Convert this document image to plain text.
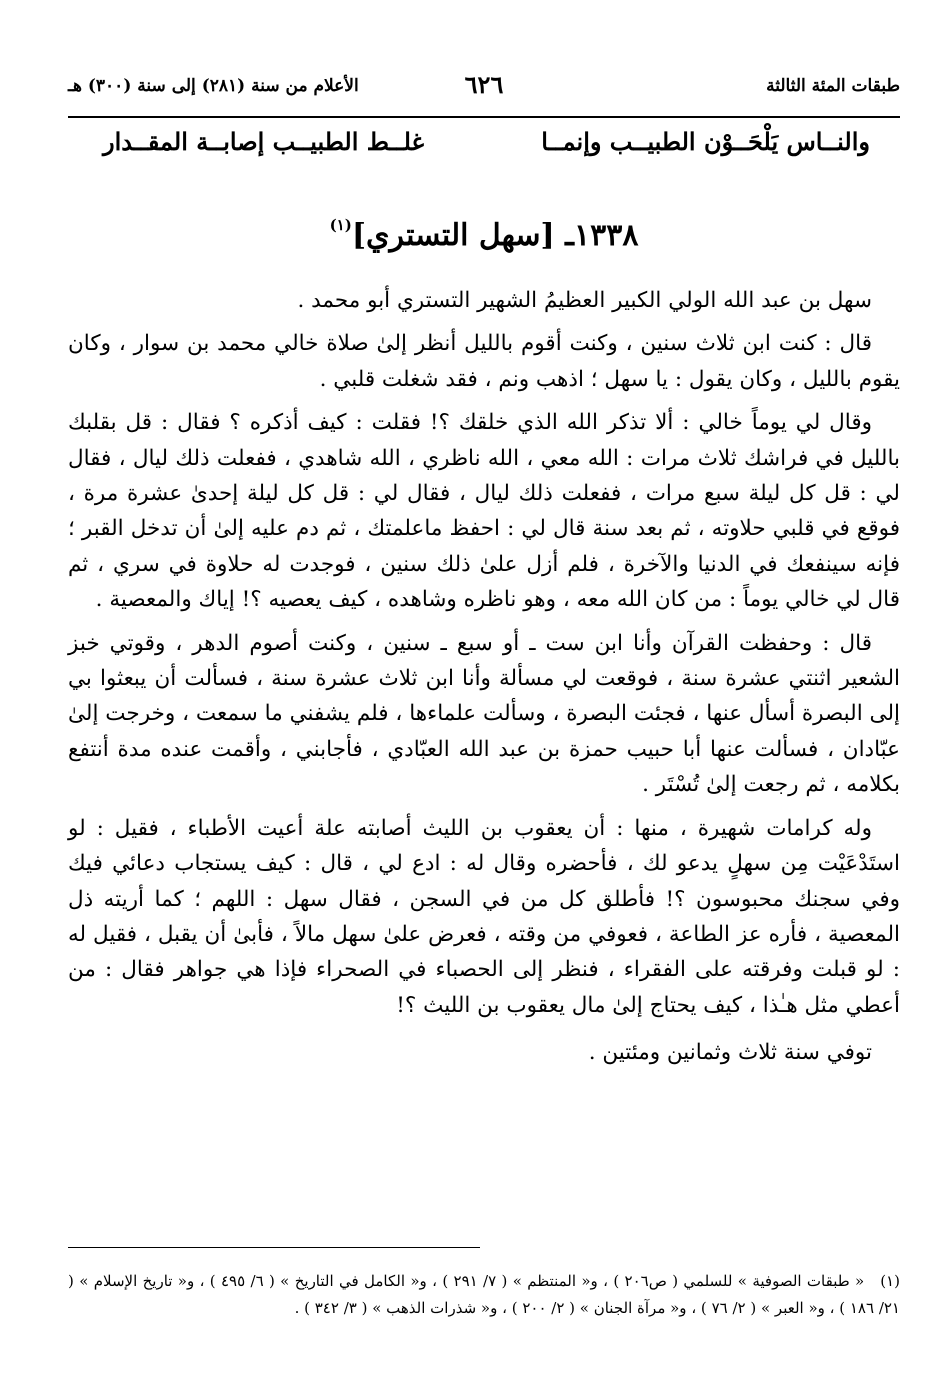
طبقات المئة الثالثة
٦٢٦
الأعلام من سنة (٢٨١) إلى سنة (٣٠٠) هـ
والنــاس يَلْحَــوْن الطبيــب وإنمــا
غلــط الطبيــب إصابــة المقــدار
١٣٣٨ـ [سهل التستري]$^{(١)}$

سهل بن عبد الله الولي الكبير العظيمُ الشهير التستري أبو محمد .

قال : كنت ابن ثلاث سنين ، وكنت أقوم بالليل أنظر إلىٰ صلاة خالي محمد بن سوار ، وكان يقوم بالليل ، وكان يقول : يا سهل ؛ اذهب ونم ، فقد شغلت قلبي .

وقال لي يوماً خالي : ألا تذكر الله الذي خلقك ؟! فقلت : كيف أذكره ؟ فقال : قل بقلبك بالليل في فراشك ثلاث مرات : الله معي ، الله ناظري ، الله شاهدي ، ففعلت ذلك ليال ، فقال لي : قل كل ليلة سبع مرات ، ففعلت ذلك ليال ، فقال لي : قل كل ليلة إحدىٰ عشرة مرة ، فوقع في قلبي حلاوته ، ثم بعد سنة قال لي : احفظ ماعلمتك ، ثم دم عليه إلىٰ أن تدخل القبر ؛ فإنه سينفعك في الدنيا والآخرة ، فلم أزل علىٰ ذلك سنين ، فوجدت له حلاوة في سري ، ثم قال لي خالي يوماً : من كان الله معه ، وهو ناظره وشاهده ، كيف يعصيه ؟! إياك والمعصية .

قال : وحفظت القرآن وأنا ابن ست ـ أو سبع ـ سنين ، وكنت أصوم الدهر ، وقوتي خبز الشعير اثنتي عشرة سنة ، فوقعت لي مسألة وأنا ابن ثلاث عشرة سنة ، فسألت أن يبعثوا بي إلى البصرة أسأل عنها ، فجئت البصرة ، وسألت علماءها ، فلم يشفني ما سمعت ، وخرجت إلىٰ عبّادان ، فسألت عنها أبا حبيب حمزة بن عبد الله العبّادي ، فأجابني ، وأقمت عنده مدة أنتفع بكلامه ، ثم رجعت إلىٰ تُسْتَر .

وله كرامات شهيرة ، منها : أن يعقوب بن الليث أصابته علة أعيت الأطباء ، فقيل : لو استَدْعَيْت مِن سهلٍ يدعو لك ، فأحضره وقال له : ادع لي ، قال : كيف يستجاب دعائي فيك وفي سجنك محبوسون ؟! فأطلق كل من في السجن ، فقال سهل : اللهم ؛ كما أريته ذل المعصية ، فأره عز الطاعة ، فعوفي من وقته ، فعرض علىٰ سهل مالاً ، فأبىٰ أن يقبل ، فقيل له : لو قبلت وفرقته على الفقراء ، فنظر إلى الحصباء في الصحراء فإذا هي جواهر فقال : من أعطي مثل هـٰذا ، كيف يحتاج إلىٰ مال يعقوب بن الليث ؟!

توفي سنة ثلاث وثمانين ومئتين .

(١)« طبقات الصوفية » للسلمي ( ص٢٠٦ ) ، و« المنتظم » ( ٧/ ٢٩١ ) ، و« الكامل في التاريخ » ( ٦/ ٤٩٥ ) ، و« تاريخ الإسلام » ( ٢١/ ١٨٦ ) ، و« العبر » ( ٢/ ٧٦ ) ، و« مرآة الجنان » ( ٢/ ٢٠٠ ) ، و« شذرات الذهب » ( ٣/ ٣٤٢ ) .
